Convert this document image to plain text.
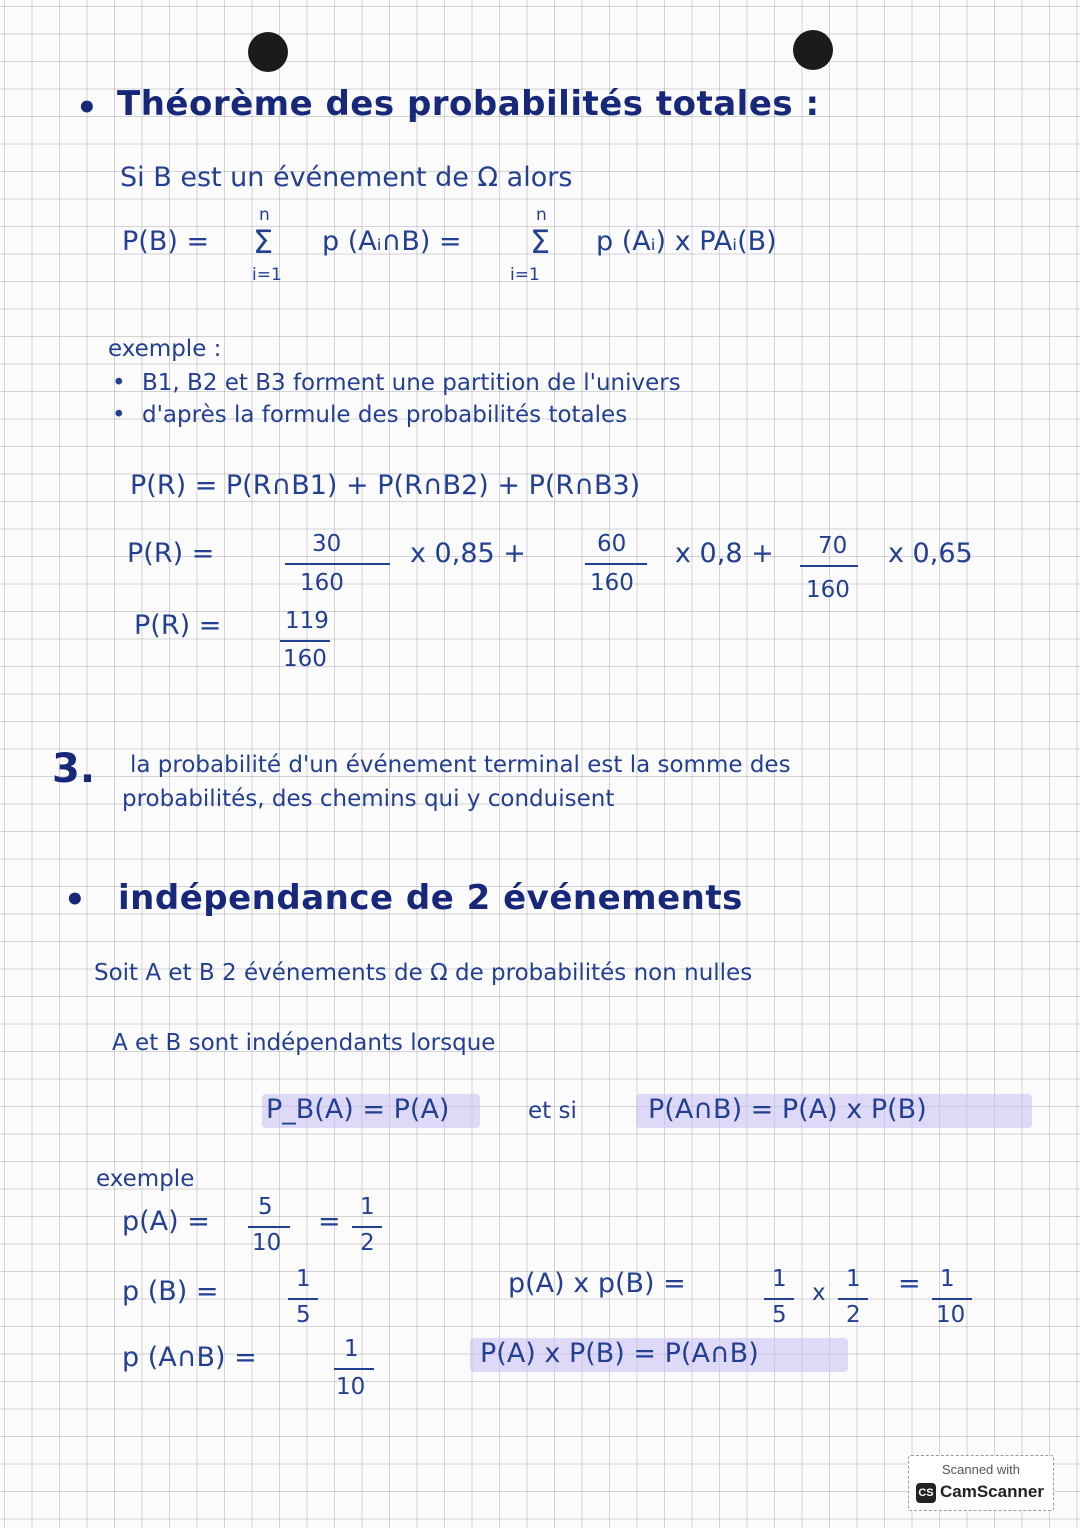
• Théorème des probabilités totales :
Si B est un événement de Ω alors
P(B) =
n
Σ
i=1
p (Aᵢ∩B) =
n
Σ
i=1
p (Aᵢ) x PAᵢ(B)
exemple :
• B1, B2 et B3 forment une partition de l'univers
• d'après la formule des probabilités totales
P(R) = P(R∩B1) + P(R∩B2) + P(R∩B3)
P(R) =	30
160
x 0,85 +	60
160
x 0,8 + 70
160
x 0,65
P(R) =	119
160
3. la probabilité d'un événement terminal est la somme des
probabilités, des chemins qui y conduisent
• indépendance de 2 événements
Soit A et B 2 événements de Ω de probabilités non nulles
A et B sont indépendants lorsque
P_B(A) = P(A)	et si	P(A∩B) = P(A) x P(B)
exemple
p(A) = 5
10
= 1
2
p (B) =	1
5
p (A∩B) =	1
10
p(A) x p(B) =	1
5
x
1
2
= 1
10
P(A) x P(B) = P(A∩B)
Scanned with
CS CamScanner
